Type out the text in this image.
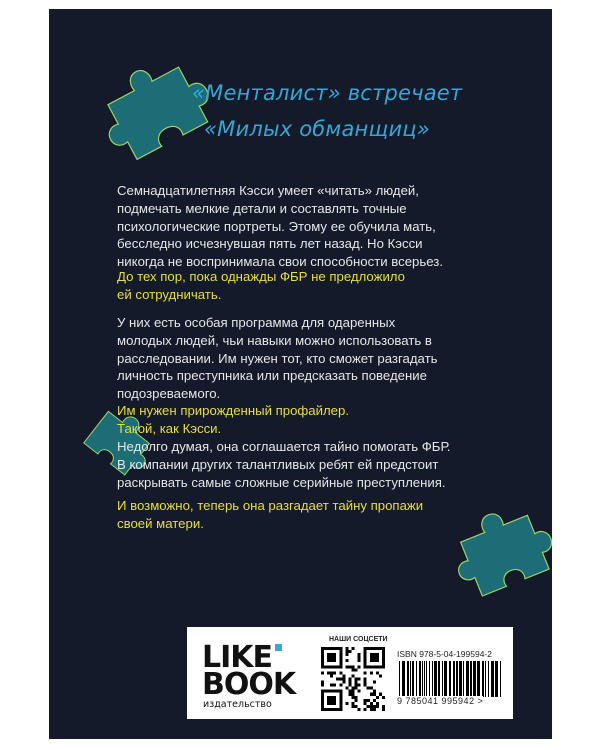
«Менталист» встречает
«Милых обманщиц»

Семнадцатилетняя Кэсси умеет «читать» людей,
подмечать мелкие детали и составлять точные
психологические портреты. Этому ее обучила мать,
бесследно исчезнувшая пять лет назад. Но Кэсси
никогда не воспринимала свои способности всерьез.

До тех пор, пока однажды ФБР не предложило
ей сотрудничать.

У них есть особая программа для одаренных
молодых людей, чьи навыки можно использовать в
расследовании. Им нужен тот, кто сможет разгадать
личность преступника или предсказать поведение
подозреваемого.

Им нужен прирожденный профайлер.
Такой, как Кэсси.

Недолго думая, она соглашается тайно помогать ФБР.
В компании других талантливых ребят ей предстоит
раскрывать самые сложные серийные преступления.

И возможно, теперь она разгадает тайну пропажи
своей матери.

LIKE
BOOK
издательство
НАШИ СОЦСЕТИ
ISBN 978-5-04-199594-2
9 785041 995942 >
